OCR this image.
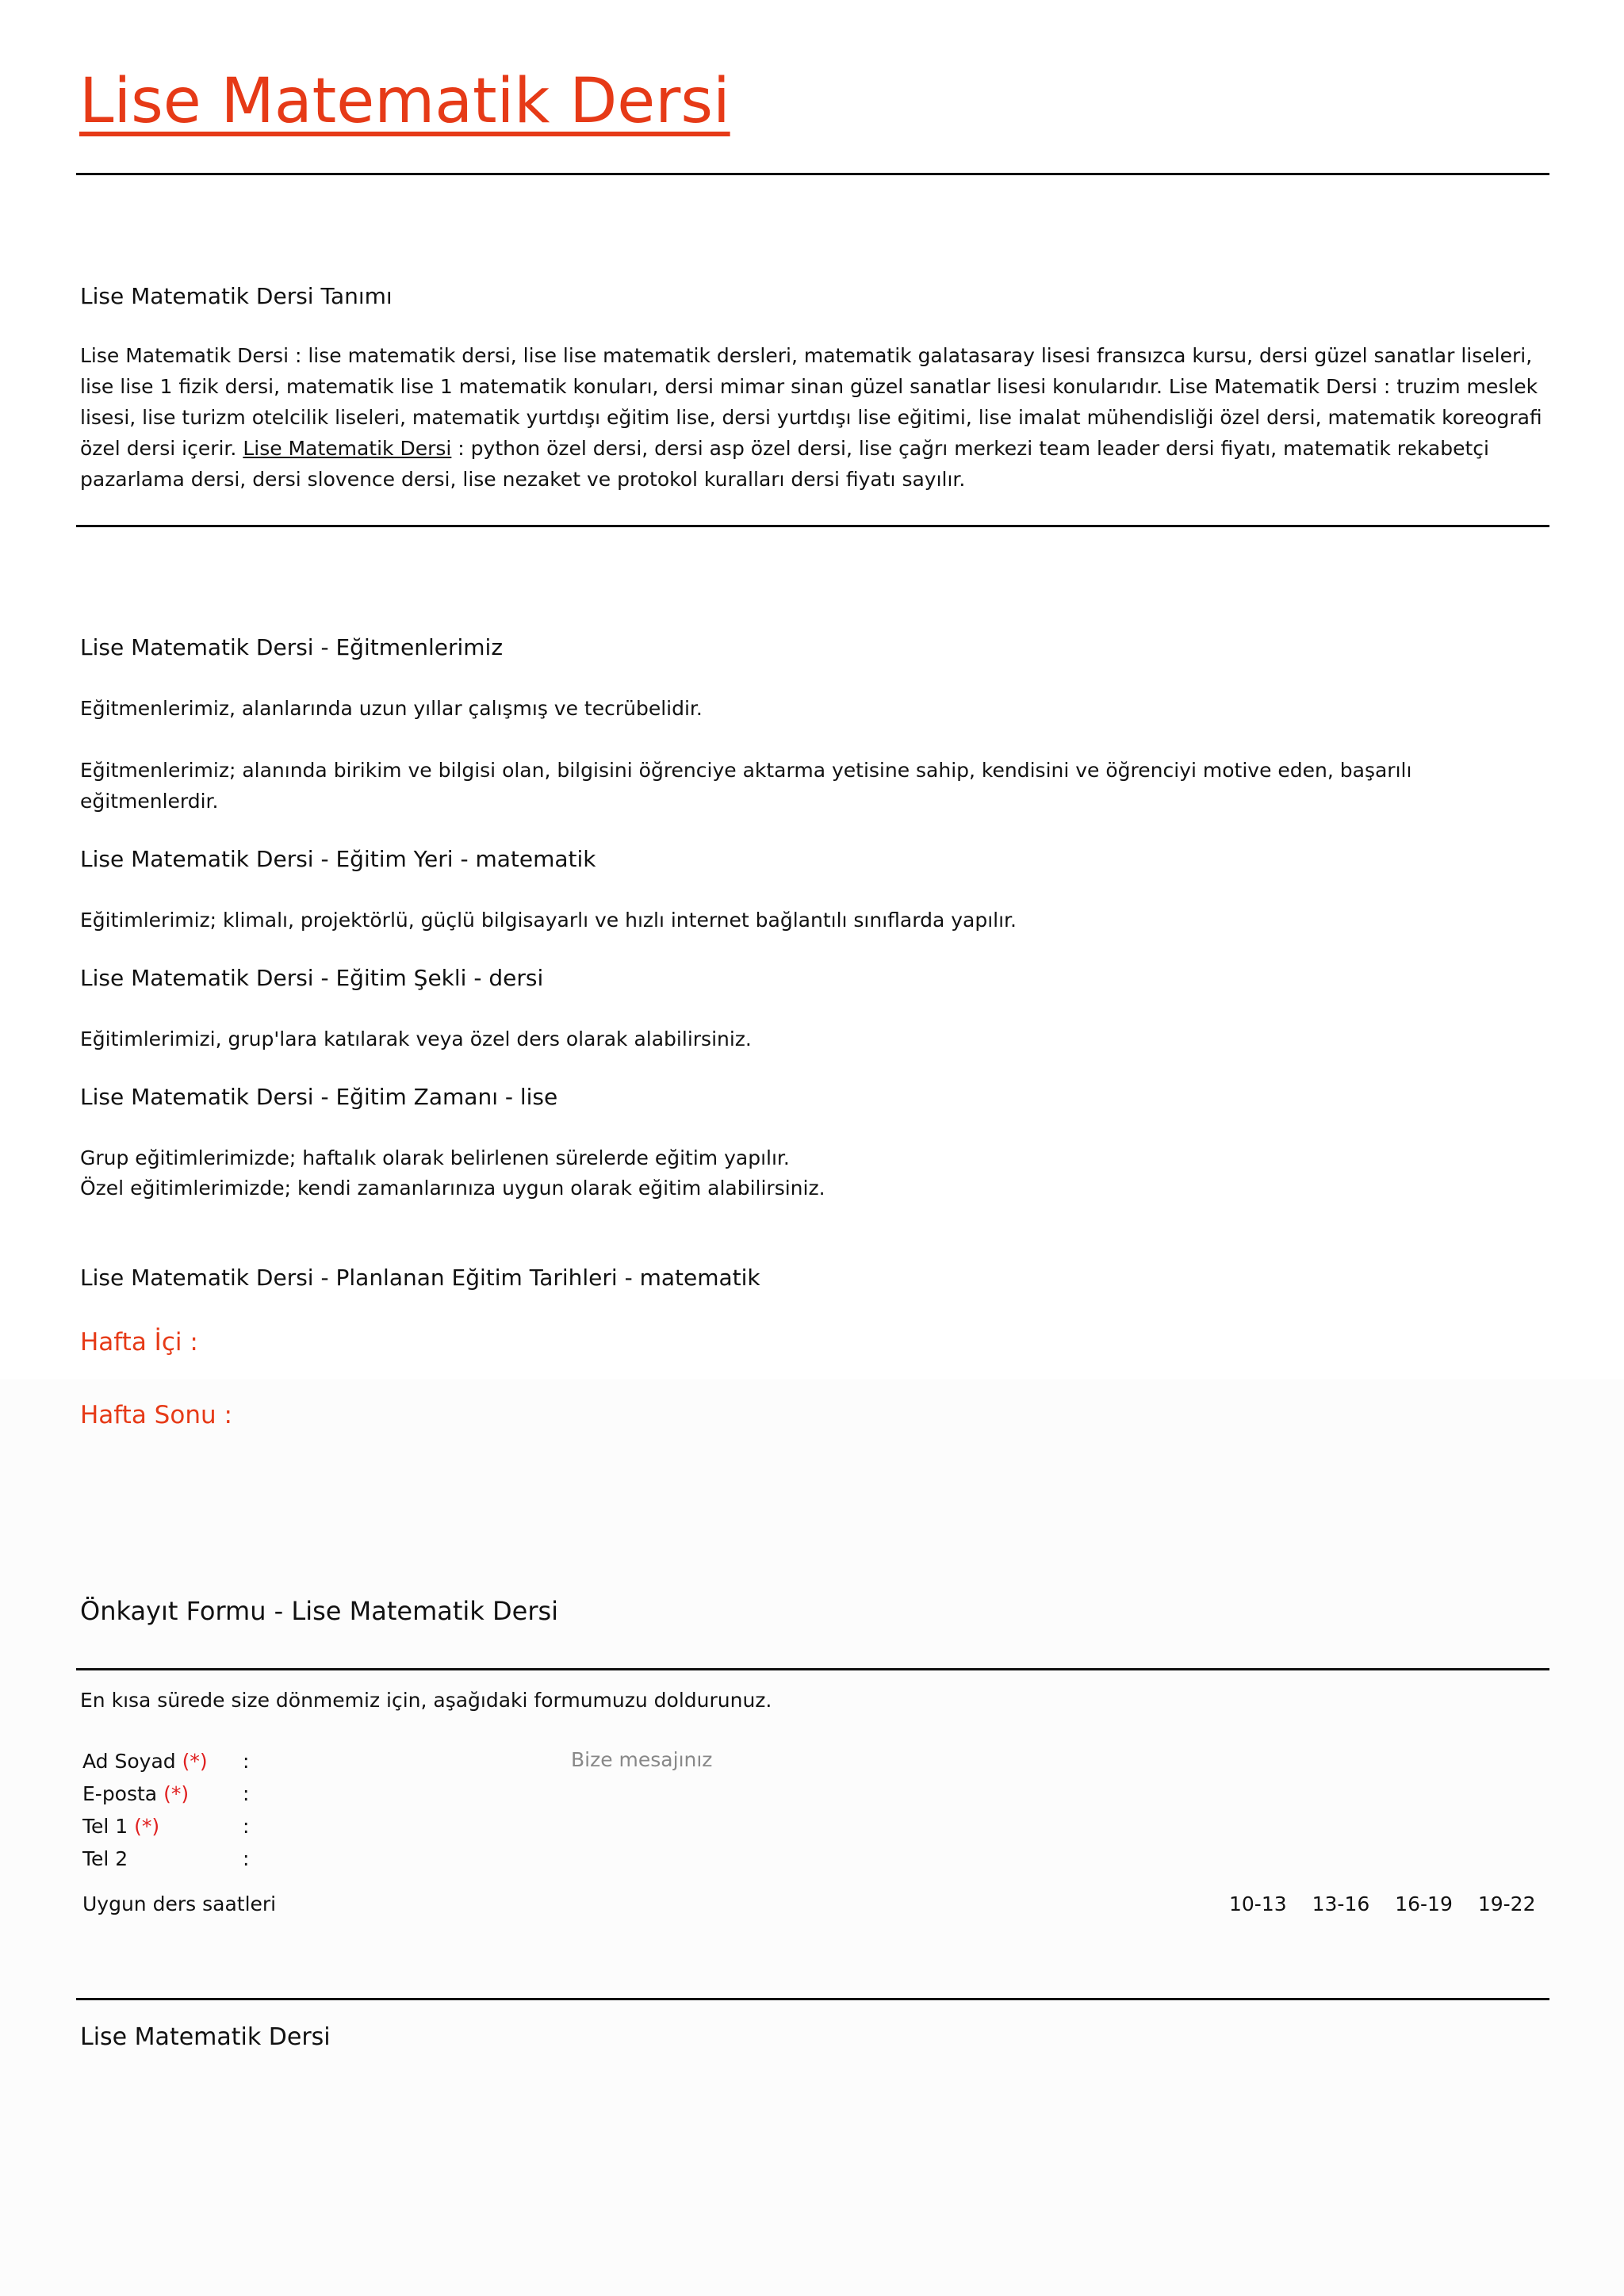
Lise Matematik Dersi
Lise Matematik Dersi Tanımı

Lise Matematik Dersi : lise matematik dersi, lise lise matematik dersleri, matematik galatasaray lisesi fransızca kursu, dersi güzel sanatlar liseleri, lise lise 1 fizik dersi, matematik lise 1 matematik konuları, dersi mimar sinan güzel sanatlar lisesi konularıdır. Lise Matematik Dersi : truzim meslek lisesi, lise turizm otelcilik liseleri, matematik yurtdışı eğitim lise, dersi yurtdışı lise eğitimi, lise imalat mühendisliği özel dersi, matematik koreografi özel dersi içerir. Lise Matematik Dersi : python özel dersi, dersi asp özel dersi, lise çağrı merkezi team leader dersi fiyatı, matematik rekabetçi pazarlama dersi, dersi slovence dersi, lise nezaket ve protokol kuralları dersi fiyatı sayılır.

Lise Matematik Dersi - Eğitmenlerimiz

Eğitmenlerimiz, alanlarında uzun yıllar çalışmış ve tecrübelidir.

Eğitmenlerimiz; alanında birikim ve bilgisi olan, bilgisini öğrenciye aktarma yetisine sahip, kendisini ve öğrenciyi motive eden, başarılı eğitmenlerdir.

Lise Matematik Dersi - Eğitim Yeri - matematik

Eğitimlerimiz; klimalı, projektörlü, güçlü bilgisayarlı ve hızlı internet bağlantılı sınıflarda yapılır.

Lise Matematik Dersi - Eğitim Şekli - dersi

Eğitimlerimizi, grup'lara katılarak veya özel ders olarak alabilirsiniz.

Lise Matematik Dersi - Eğitim Zamanı - lise

Grup eğitimlerimizde; haftalık olarak belirlenen sürelerde eğitim yapılır.

Özel eğitimlerimizde; kendi zamanlarınıza uygun olarak eğitim alabilirsiniz.

Lise Matematik Dersi - Planlanan Eğitim Tarihleri - matematik
Hafta İçi :
Hafta Sonu :
Önkayıt Formu - Lise Matematik Dersi

En kısa sürede size dönmemiz için, aşağıdaki formumuzu doldurunuz.

Ad Soyad (*) :
E-posta (*)	:
Tel 1 (*)	:
Tel 2	:
Bize mesajınız
Uygun ders saatleri	10-13 13-16 16-19 19-22
Lise Matematik Dersi
